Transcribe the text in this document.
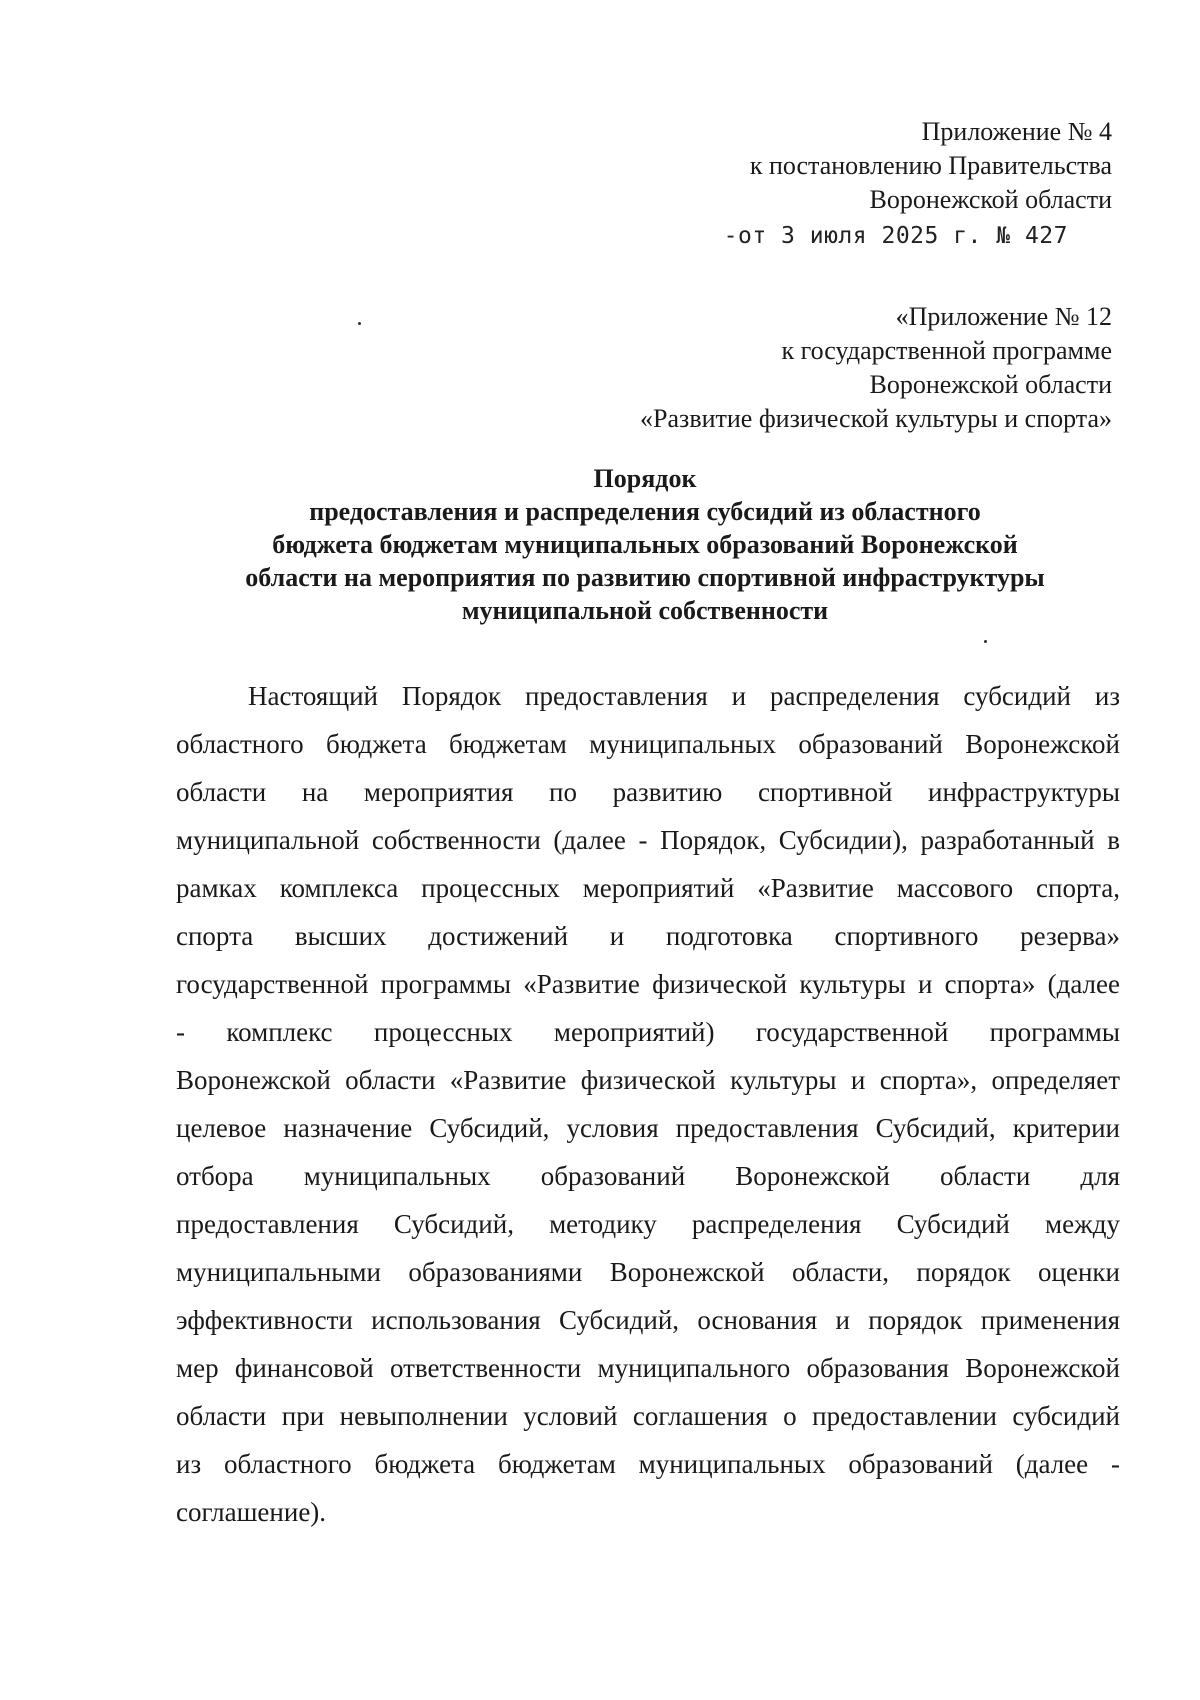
Приложение № 4
к постановлению Правительства
Воронежской области
-от 3 июля 2025 г. № 427
«Приложение № 12
к государственной программе
Воронежской области
«Развитие физической культуры и спорта»
Порядок
предоставления и распределения субсидий из областного
бюджета бюджетам муниципальных образований Воронежской
области на мероприятия по развитию спортивной инфраструктуры
муниципальной собственности
Настоящий Порядок предоставления и распределения субсидий из
областного бюджета бюджетам муниципальных образований Воронежской
области на мероприятия по развитию спортивной инфраструктуры
муниципальной собственности (далее - Порядок, Субсидии), разработанный в
рамках комплекса процессных мероприятий «Развитие массового спорта,
спорта высших достижений и подготовка спортивного резерва»
государственной программы «Развитие физической культуры и спорта» (далее
- комплекс процессных мероприятий) государственной программы
Воронежской области «Развитие физической культуры и спорта», определяет
целевое назначение Субсидий, условия предоставления Субсидий, критерии
отбора муниципальных образований Воронежской области для
предоставления Субсидий, методику распределения Субсидий между
муниципальными образованиями Воронежской области, порядок оценки
эффективности использования Субсидий, основания и порядок применения
мер финансовой ответственности муниципального образования Воронежской
области при невыполнении условий соглашения о предоставлении субсидий
из областного бюджета бюджетам муниципальных образований (далее -
соглашение).
